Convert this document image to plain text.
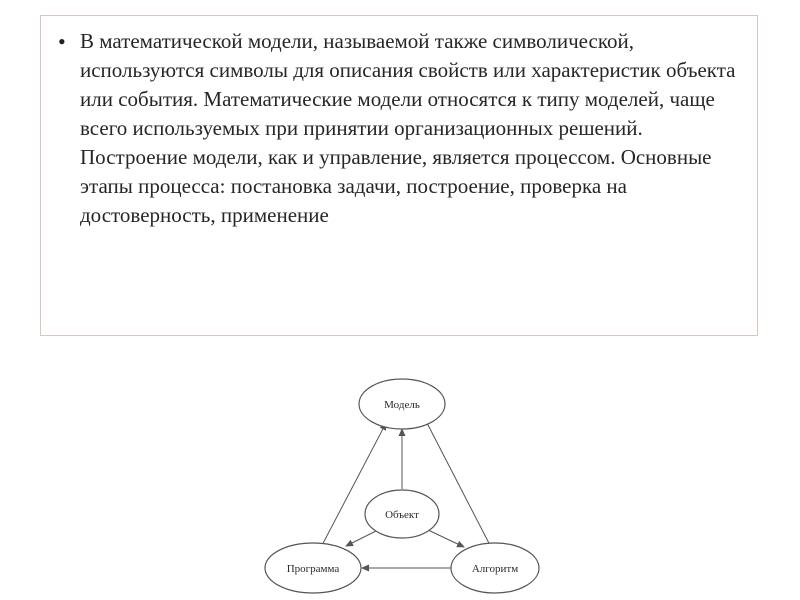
• В математической модели, называемой также символической, используются символы для описания свойств или характеристик объекта или события. Математические модели относятся к типу моделей, чаще всего используемых при принятии организационных решений. Построение модели, как и управление, является процессом. Основные этапы процесса: постановка задачи, построение, проверка на достоверность, применение
Модель
Объект
Программа	Алгоритм
